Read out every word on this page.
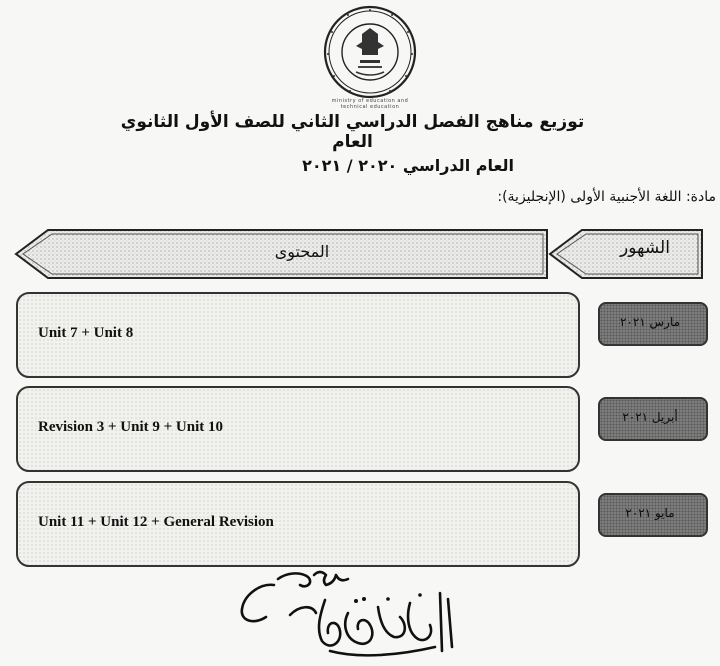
ministry of education and technical education
توزيع مناهج الفصل الدراسي الثاني للصف الأول الثانوي العام
العام الدراسي ٢٠٢٠ / ٢٠٢١
مادة: اللغة الأجنبية الأولى (الإنجليزية):
الشهور
المحتوى
Unit 7 + Unit 8
مارس ٢٠٢١
Revision 3 + Unit 9 + Unit 10
أبريل ٢٠٢١
Unit 11 + Unit 12 + General Revision
مايو ٢٠٢١
